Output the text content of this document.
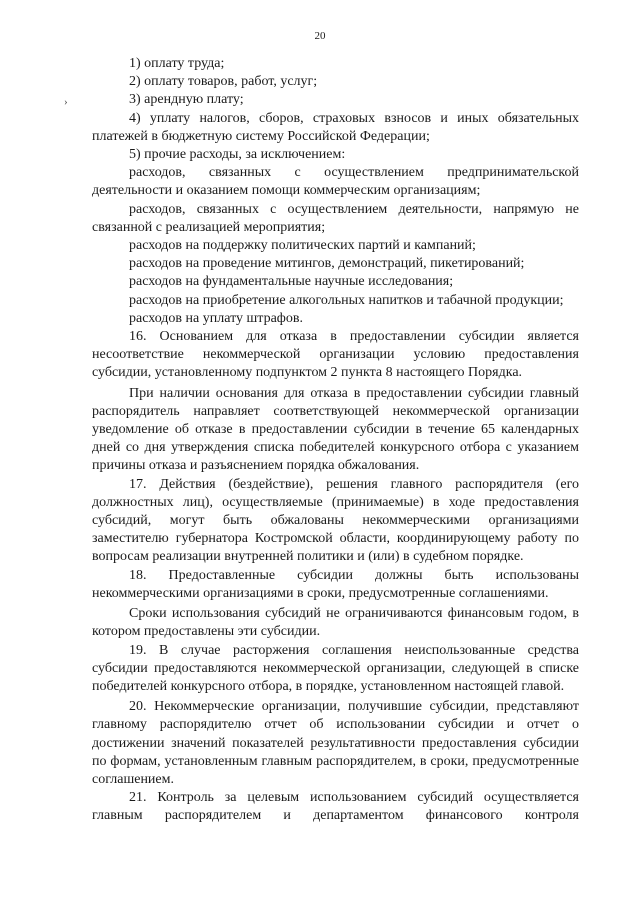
20
›

1) оплату труда;

2) оплату товаров, работ, услуг;

3) арендную плату;

4) уплату налогов, сборов, страховых взносов и иных обязательных платежей в бюджетную систему Российской Федерации;

5) прочие расходы, за исключением:

расходов, связанных с осуществлением предпринимательской деятельности и оказанием помощи коммерческим организациям;

расходов, связанных с осуществлением деятельности, напрямую не связанной с реализацией мероприятия;

расходов на поддержку политических партий и кампаний;

расходов на проведение митингов, демонстраций, пикетирований;

расходов на фундаментальные научные исследования;

расходов на приобретение алкогольных напитков и табачной продукции;

расходов на уплату штрафов.

16. Основанием для отказа в предоставлении субсидии является несоответствие некоммерческой организации условию предоставления субсидии, установленному подпунктом 2 пункта 8 настоящего Порядка.

При наличии основания для отказа в предоставлении субсидии главный распорядитель направляет соответствующей некоммерческой организации уведомление об отказе в предоставлении субсидии в течение 65 календарных дней со дня утверждения списка победителей конкурсного отбора с указанием причины отказа и разъяснением порядка обжалования.

17. Действия (бездействие), решения главного распорядителя (его должностных лиц), осуществляемые (принимаемые) в ходе предоставления субсидий, могут быть обжалованы некоммерческими организациями заместителю губернатора Костромской области, координирующему работу по вопросам реализации внутренней политики и (или) в судебном порядке.

18. Предоставленные субсидии должны быть использованы некоммерческими организациями в сроки, предусмотренные соглашениями.

Сроки использования субсидий не ограничиваются финансовым годом, в котором предоставлены эти субсидии.

19. В случае расторжения соглашения неиспользованные средства субсидии предоставляются некоммерческой организации, следующей в списке победителей конкурсного отбора, в порядке, установленном настоящей главой.

20. Некоммерческие организации, получившие субсидии, представляют главному распорядителю отчет об использовании субсидии и отчет о достижении значений показателей результативности предоставления субсидии по формам, установленным главным распорядителем, в сроки, предусмотренные соглашением.

21. Контроль за целевым использованием субсидий осуществляется главным распорядителем и департаментом финансового контроля
